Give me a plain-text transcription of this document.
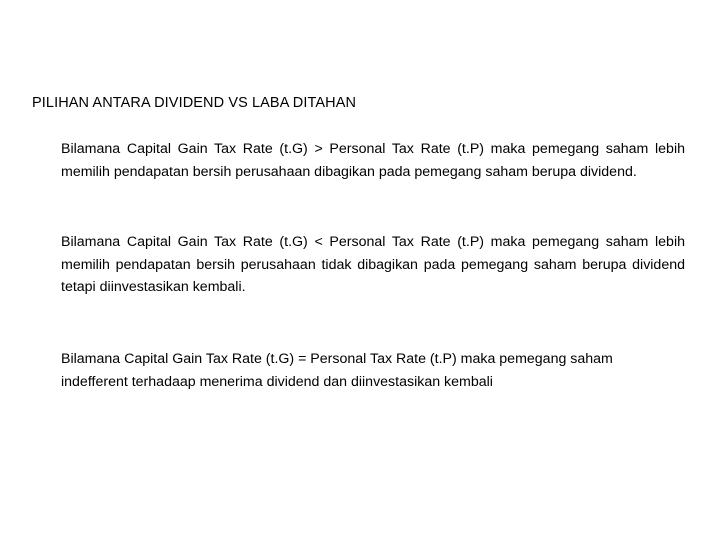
PILIHAN ANTARA DIVIDEND VS LABA DITAHAN

Bilamana Capital Gain Tax Rate (t.G) > Personal Tax Rate (t.P) maka pemegang saham lebih memilih pendapatan bersih perusahaan dibagikan pada pemegang saham berupa dividend.

Bilamana Capital Gain Tax Rate (t.G) < Personal Tax Rate (t.P) maka pemegang saham lebih memilih pendapatan bersih perusahaan tidak dibagikan pada pemegang saham berupa dividend tetapi diinvestasikan kembali.

Bilamana Capital Gain Tax Rate (t.G) = Personal Tax Rate (t.P) maka pemegang saham indefferent terhadaap menerima dividend dan diinvestasikan kembali
